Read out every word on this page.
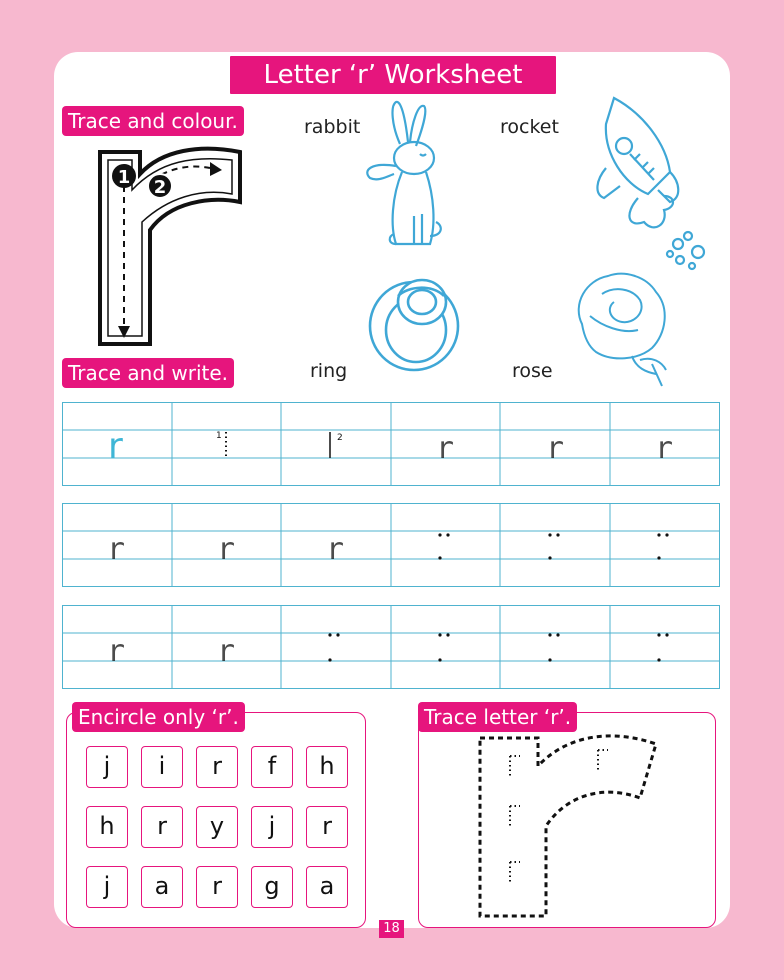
Letter ‘r’ Worksheet
Trace and colour.
1 2
rabbit	rocket
ring	rose
Trace and write.
r	1	2	r	r	r
r	r	r
r	r
Encircle only ‘r’.
j	i	r	f	h
h	r	y	j	r
j	a	r	g	a
Trace letter ‘r’.
18
